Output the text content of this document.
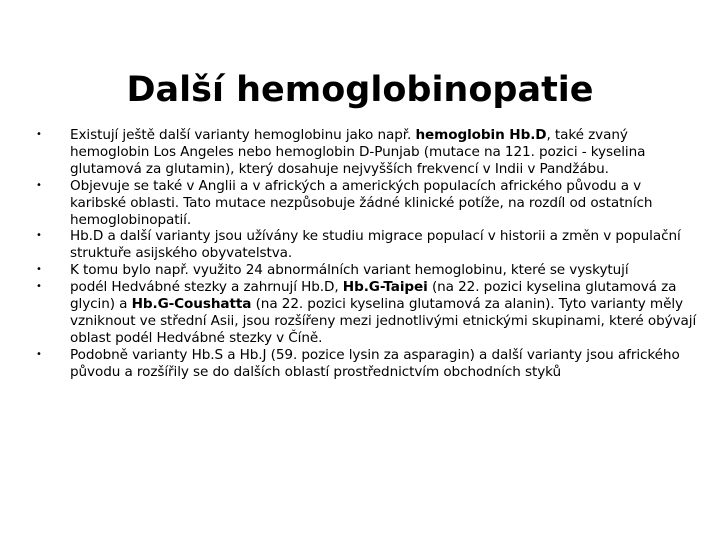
Další hemoglobinopatie
• Existují ještě další varianty hemoglobinu jako např. hemoglobin Hb.D, také zvaný hemoglobin Los Angeles nebo hemoglobin D-Punjab (mutace na 121. pozici - kyselina glutamová za glutamin), který dosahuje nejvyšších frekvencí v Indii v Pandžábu.
• Objevuje se také v Anglii a v afrických a amerických populacích afrického původu a v karibské oblasti. Tato mutace nezpůsobuje žádné klinické potíže, na rozdíl od ostatních hemoglobinopatií.
• Hb.D a další varianty jsou užívány ke studiu migrace populací v historii a změn v populační struktuře asijského obyvatelstva.
• K tomu bylo např. využito 24 abnormálních variant hemoglobinu, které se vyskytují
• podél Hedvábné stezky a zahrnují Hb.D, Hb.G-Taipei (na 22. pozici kyselina glutamová za glycin) a Hb.G-Coushatta (na 22. pozici kyselina glutamová za alanin). Tyto varianty měly vzniknout ve střední Asii, jsou rozšířeny mezi jednotlivými etnickými skupinami, které obývají oblast podél Hedvábné stezky v Číně.
• Podobně varianty Hb.S a Hb.J (59. pozice lysin za asparagin) a další varianty jsou afrického původu a rozšířily se do dalších oblastí prostřednictvím obchodních styků
